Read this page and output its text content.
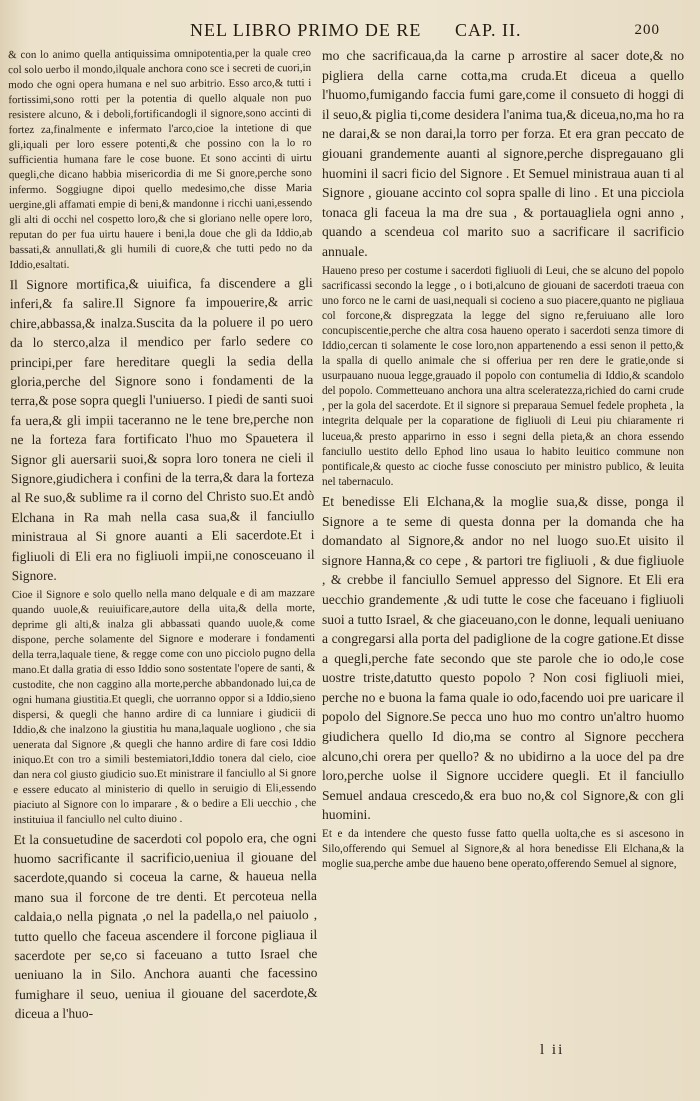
NEL LIBRO PRIMO DE RE CAP. II.	200

& con lo animo quella antiquissima omnipotentia,per la quale creo col solo uerbo il mondo,ilquale anchora cono sce i secreti de cuori,in modo che ogni opera humana e nel suo arbitrio. Esso arco,& tutti i fortissimi,sono rotti per la potentia di quello alquale non puo resistere alcuno, & i deboli,fortificandogli il signore,sono accinti di fortez za,finalmente e infermato l'arco,cioe la intetione di que gli,iquali per loro essere potenti,& che possino con la lo ro sufficientia humana fare le cose buone. Et sono accinti di uirtu quegli,che dicano habbia misericordia di me Si gnore,perche sono infermo. Soggiugne dipoi quello medesimo,che disse Maria uergine,gli affamati empie di beni,& mandonne i ricchi uani,essendo gli alti di occhi nel cospetto loro,& che si gloriano nelle opere loro, reputan do per fua uirtu hauere i beni,la doue che gli da Iddio,ab bassati,& annullati,& gli humili di cuore,& che tutti pedo no da Iddio,esaltati.

Il Signore mortifica,& uiuifica, fa discendere a gli inferi,& fa salire.Il Signore fa impouerire,& arric chire,abbassa,& inalza.Suscita da la poluere il po uero da lo sterco,alza il mendico per farlo sedere co principi,per fare hereditare quegli la sedia della gloria,perche del Signore sono i fondamenti de la terra,& pose sopra quegli l'uniuerso. I piedi de santi suoi fa uera,& gli impii taceranno ne le tene bre,perche non ne la forteza fara fortificato l'huo mo Spauetera il Signor gli auersarii suoi,& sopra loro tonera ne cieli il Signore,giudichera i confini de la terra,& dara la forteza al Re suo,& sublime ra il corno del Christo suo.Et andò Elchana in Ra mah nella casa sua,& il fanciullo ministraua al Si gnore auanti a Eli sacerdote.Et i figliuoli di Eli era no figliuoli impii,ne conosceuano il Signore.

Cioe il Signore e solo quello nella mano delquale e di am mazzare quando uuole,& reuiuificare,autore della uita,& della morte, deprime gli alti,& inalza gli abbassati quando uuole,& come dispone, perche solamente del Signore e moderare i fondamenti della terra,laquale tiene, & regge come con uno picciolo pugno della mano.Et dalla gratia di esso Iddio sono sostentate l'opere de santi, & custodite, che non caggino alla morte,perche abbandonado lui,ca de ogni humana giustitia.Et quegli, che uorranno oppor si a Iddio,sieno dispersi, & quegli che hanno ardire di ca lunniare i giudicii di Iddio,& che inalzono la giustitia hu mana,laquale uogliono , che sia uenerata dal Signore ,& quegli che hanno ardire di fare cosi Iddio iniquo.Et con tro a simili bestemiatori,Iddio tonera dal cielo, cioe dan nera col giusto giudicio suo.Et ministrare il fanciullo al Si gnore e essere educato al ministerio di quello in seruigio di Eli,essendo piaciuto al Signore con lo imparare , & o bedire a Eli uecchio , che instituiua il fanciullo nel culto diuino .

Et la consuetudine de sacerdoti col popolo era, che ogni huomo sacrificante il sacrificio,ueniua il giouane del sacerdote,quando si coceua la carne, & haueua nella mano sua il forcone de tre denti. Et percoteua nella caldaia,o nella pignata ,o nel la padella,o nel paiuolo , tutto quello che faceua ascendere il forcone pigliaua il sacerdote per se,co si faceuano a tutto Israel che ueniuano la in Silo. Anchora auanti che facessino fumighare il seuo, ueniua il giouane del sacerdote,& diceua a l'huo-

mo che sacrificaua,da la carne p arrostire al sacer dote,& no pigliera della carne cotta,ma cruda.Et diceua a quello l'huomo,fumigando faccia fumi gare,come il consueto di hoggi di il seuo,& piglia ti,come desidera l'anima tua,& diceua,no,ma ho ra ne darai,& se non darai,la torro per forza. Et era gran peccato de giouani grandemente auanti al signore,perche dispregauano gli huomini il sacri ficio del Signore . Et Semuel ministraua auan ti al Signore , giouane accinto col sopra spalle di lino . Et una picciola tonaca gli faceua la ma dre sua , & portauagliela ogni anno , quando a scendeua col marito suo a sacrificare il sacrificio annuale.

Haueno preso per costume i sacerdoti figliuoli di Leui, che se alcuno del popolo sacrificassi secondo la legge , o i boti,alcuno de giouani de sacerdoti traeua con uno forco ne le carni de uasi,nequali si cocieno a suo piacere,quanto ne pigliaua col forcone,& dispregzata la legge del signo re,feruiuano alle loro concupiscentie,perche che altra cosa haueno operato i sacerdoti senza timore di Iddio,cercan ti solamente le cose loro,non appartenendo a essi senon il petto,& la spalla di quello animale che si offeriua per ren dere le gratie,onde si usurpauano nuoua legge,grauado il popolo con contumelia di Iddio,& scandolo del popolo. Commetteuano anchora una altra sceleratezza,richied do carni crude , per la gola del sacerdote. Et il signore si preparaua Semuel fedele propheta , la integrita delquale per la coparatione de figliuoli di Leui piu chiaramente ri luceua,& presto apparirno in esso i segni della pieta,& an chora essendo fanciullo uestito dello Ephod lino usaua lo habito leuitico commune non pontificale,& questo ac cioche fusse conosciuto per ministro publico, & leuita nel tabernaculo.

Et benedisse Eli Elchana,& la moglie sua,& disse, ponga il Signore a te seme di questa donna per la domanda che ha domandato al Signore,& andor no nel luogo suo.Et uisito il signore Hanna,& co cepe , & partori tre figliuoli , & due figliuole , & crebbe il fanciullo Semuel appresso del Signore. Et Eli era uecchio grandemente ,& udi tutte le cose che faceuano i figliuoli suoi a tutto Israel, & che giaceuano,con le donne, lequali ueniuano a congregarsi alla porta del padiglione de la cogre gatione.Et disse a quegli,perche fate secondo que ste parole che io odo,le cose uostre triste,datutto questo popolo ? Non cosi figliuoli miei, perche no e buona la fama quale io odo,facendo uoi pre uaricare il popolo del Signore.Se pecca uno huo mo contro un'altro huomo giudichera quello Id dio,ma se contro al Signore pecchera alcuno,chi orera per quello? & no ubidirno a la uoce del pa dre loro,perche uolse il Signore uccidere quegli. Et il fanciullo Semuel andaua crescedo,& era buo no,& col Signore,& con gli huomini.

Et e da intendere che questo fusse fatto quella uolta,che es si ascesono in Silo,offerendo qui Semuel al Signore,& al hora benedisse Eli Elchana,& la moglie sua,perche ambe due haueno bene operato,offerendo Semuel al signore,

l ii
